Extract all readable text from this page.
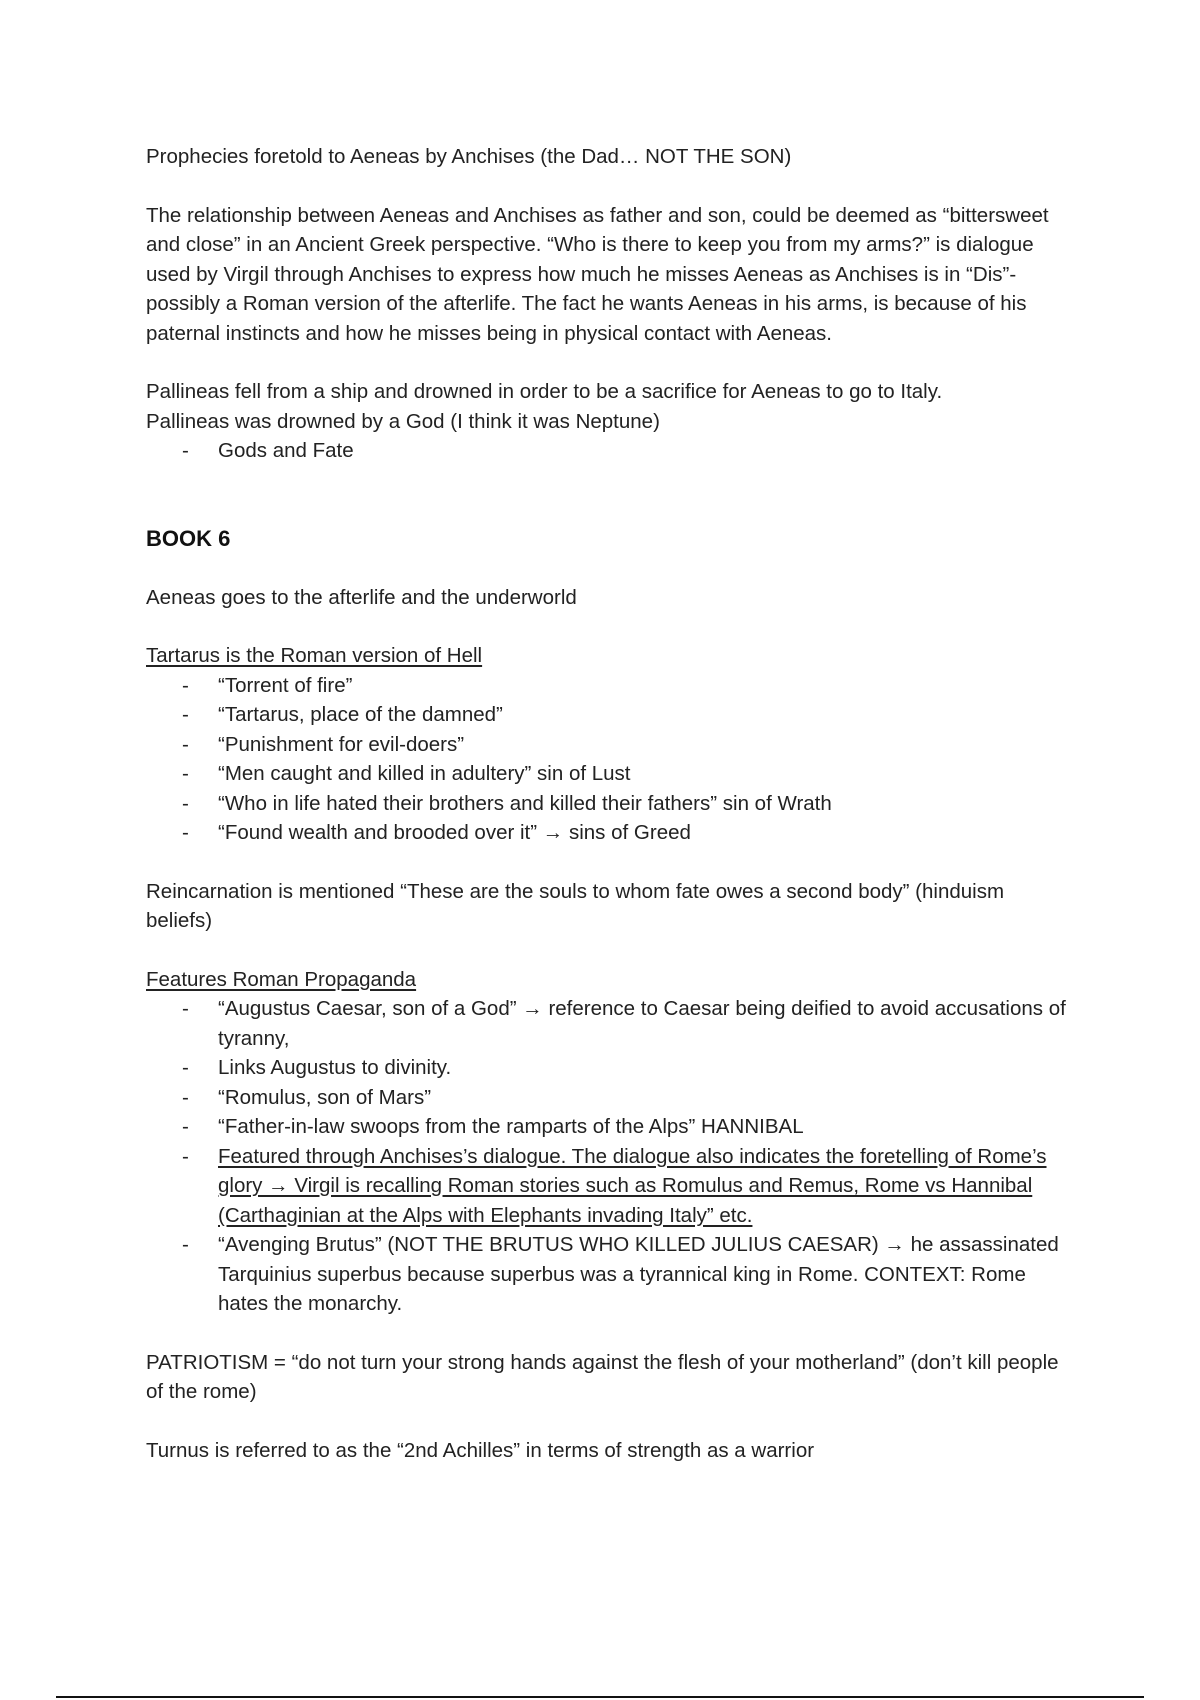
Prophecies foretold to Aeneas by Anchises (the Dad… NOT THE SON)

The relationship between Aeneas and Anchises as father and son, could be deemed as “bittersweet and close” in an Ancient Greek perspective. “Who is there to keep you from my arms?” is dialogue used by Virgil through Anchises to express how much he misses Aeneas as Anchises is in “Dis”- possibly a Roman version of the afterlife. The fact he wants Aeneas in his arms, is because of his paternal instincts and how he misses being in physical contact with Aeneas.

Pallineas fell from a ship and drowned in order to be a sacrifice for Aeneas to go to Italy.

Pallineas was drowned by a God (I think it was Neptune)

- Gods and Fate

BOOK 6

Aeneas goes to the afterlife and the underworld

Tartarus is the Roman version of Hell

- “Torrent of fire”
- “Tartarus, place of the damned”
- “Punishment for evil-doers”
- “Men caught and killed in adultery” sin of Lust
- “Who in life hated their brothers and killed their fathers” sin of Wrath
- “Found wealth and brooded over it” → sins of Greed

Reincarnation is mentioned “These are the souls to whom fate owes a second body” (hinduism beliefs)

Features Roman Propaganda

- “Augustus Caesar, son of a God” → reference to Caesar being deified to avoid accusations of tyranny,
- Links Augustus to divinity.
- “Romulus, son of Mars”
- “Father-in-law swoops from the ramparts of the Alps” HANNIBAL
- Featured through Anchises’s dialogue. The dialogue also indicates the foretelling of Rome’s glory → Virgil is recalling Roman stories such as Romulus and Remus, Rome vs Hannibal (Carthaginian at the Alps with Elephants invading Italy” etc.
- “Avenging Brutus” (NOT THE BRUTUS WHO KILLED JULIUS CAESAR) → he assassinated Tarquinius superbus because superbus was a tyrannical king in Rome. CONTEXT: Rome hates the monarchy.

PATRIOTISM = “do not turn your strong hands against the flesh of your motherland” (don’t kill people of the rome)

Turnus is referred to as the “2nd Achilles” in terms of strength as a warrior
